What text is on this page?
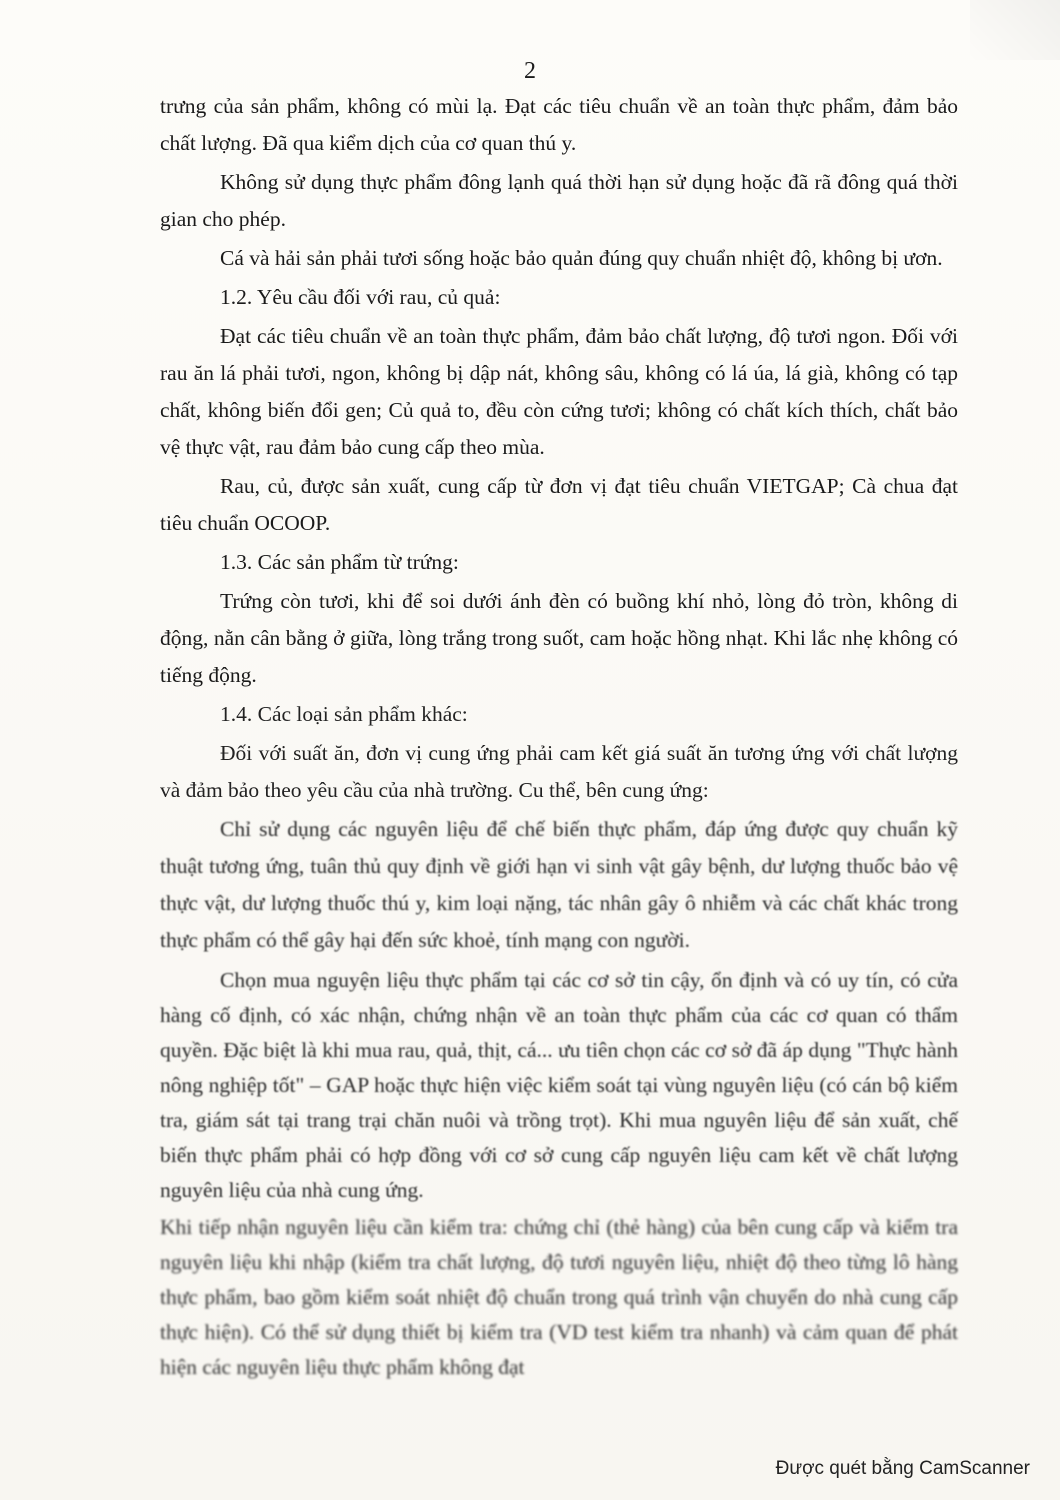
2

trưng của sản phẩm, không có mùi lạ. Đạt các tiêu chuẩn về an toàn thực phẩm, đảm bảo chất lượng. Đã qua kiểm dịch của cơ quan thú y.

Không sử dụng thực phẩm đông lạnh quá thời hạn sử dụng hoặc đã rã đông quá thời gian cho phép.

Cá và hải sản phải tươi sống hoặc bảo quản đúng quy chuẩn nhiệt độ, không bị ươn.

1.2. Yêu cầu đối với rau, củ quả:

Đạt các tiêu chuẩn về an toàn thực phẩm, đảm bảo chất lượng, độ tươi ngon. Đối với rau ăn lá phải tươi, ngon, không bị dập nát, không sâu, không có lá úa, lá già, không có tạp chất, không biến đổi gen; Củ quả to, đều còn cứng tươi; không có chất kích thích, chất bảo vệ thực vật, rau đảm bảo cung cấp theo mùa.

Rau, củ, được sản xuất, cung cấp từ đơn vị đạt tiêu chuẩn VIETGAP; Cà chua đạt tiêu chuẩn OCOOP.

1.3. Các sản phẩm từ trứng:

Trứng còn tươi, khi để soi dưới ánh đèn có buồng khí nhỏ, lòng đỏ tròn, không di động, nằn cân bằng ở giữa, lòng trắng trong suốt, cam hoặc hồng nhạt. Khi lắc nhẹ không có tiếng động.

1.4. Các loại sản phẩm khác:

Đối với suất ăn, đơn vị cung ứng phải cam kết giá suất ăn tương ứng với chất lượng và đảm bảo theo yêu cầu của nhà trường. Cu thể, bên cung ứng:

Chỉ sử dụng các nguyên liệu để chế biến thực phẩm, đáp ứng được quy chuẩn kỹ thuật tương ứng, tuân thủ quy định về giới hạn vi sinh vật gây bệnh, dư lượng thuốc bảo vệ thực vật, dư lượng thuốc thú y, kim loại nặng, tác nhân gây ô nhiễm và các chất khác trong thực phẩm có thể gây hại đến sức khoẻ, tính mạng con người.

Chọn mua nguyện liệu thực phẩm tại các cơ sở tin cậy, ổn định và có uy tín, có cửa hàng cố định, có xác nhận, chứng nhận về an toàn thực phẩm của các cơ quan có thẩm quyền. Đặc biệt là khi mua rau, quả, thịt, cá... ưu tiên chọn các cơ sở đã áp dụng "Thực hành nông nghiệp tốt" – GAP hoặc thực hiện việc kiểm soát tại vùng nguyên liệu (có cán bộ kiểm tra, giám sát tại trang trại chăn nuôi và trồng trọt). Khi mua nguyên liệu để sản xuất, chế biến thực phẩm phải có hợp đồng với cơ sở cung cấp nguyên liệu cam kết về chất lượng nguyên liệu của nhà cung ứng.

Khi tiếp nhận nguyên liệu cần kiểm tra: chứng chỉ (thẻ hàng) của bên cung cấp và kiểm tra nguyên liệu khi nhập (kiểm tra chất lượng, độ tươi nguyên liệu, nhiệt độ theo từng lô hàng thực phẩm, bao gồm kiểm soát nhiệt độ chuẩn trong quá trình vận chuyển do nhà cung cấp thực hiện). Có thể sử dụng thiết bị kiểm tra (VD test kiểm tra nhanh) và cảm quan để phát hiện các nguyên liệu thực phẩm không đạt

Được quét bằng CamScanner
